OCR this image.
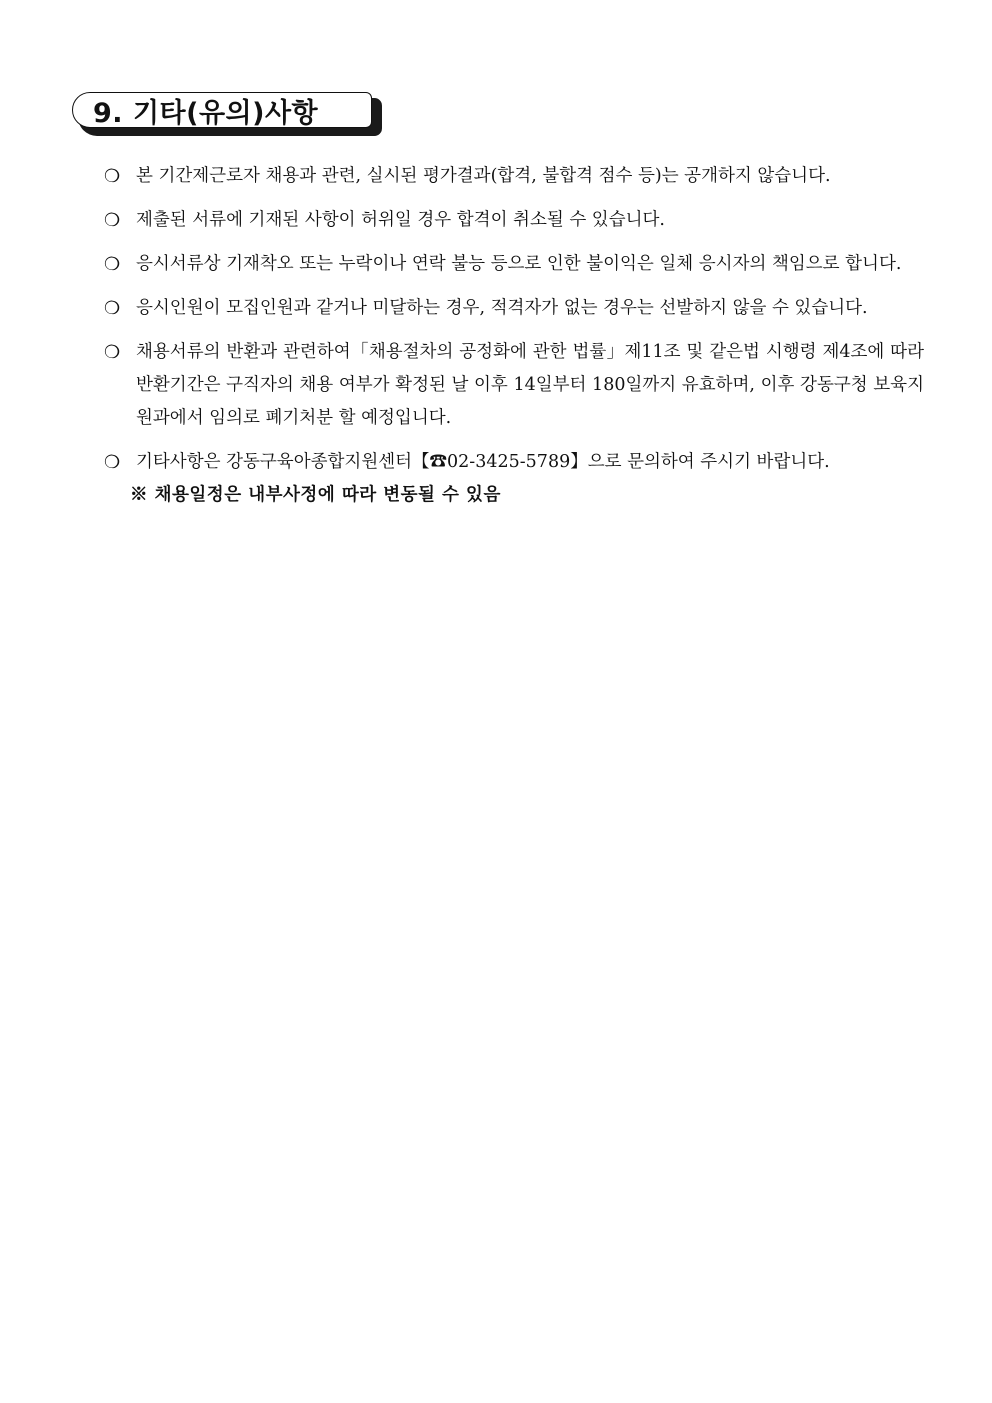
9. 기타(유의)사항
❍ 본 기간제근로자 채용과 관련, 실시된 평가결과(합격, 불합격 점수 등)는 공개하지 않습니다.
❍ 제출된 서류에 기재된 사항이 허위일 경우 합격이 취소될 수 있습니다.
❍ 응시서류상 기재착오 또는 누락이나 연락 불능 등으로 인한 불이익은 일체 응시자의 책임으로 합니다.
❍ 응시인원이 모집인원과 같거나 미달하는 경우, 적격자가 없는 경우는 선발하지 않을 수 있습니다.
❍ 채용서류의 반환과 관련하여「채용절차의 공정화에 관한 법률」제11조 및 같은법 시행령 제4조에 따라 반환기간은 구직자의 채용 여부가 확정된 날 이후 14일부터 180일까지 유효하며, 이후 강동구청 보육지원과에서 임의로 폐기처분 할 예정입니다.
❍ 기타사항은 강동구육아종합지원센터【☎02-3425-5789】으로 문의하여 주시기 바랍니다.
※ 채용일정은 내부사정에 따라 변동될 수 있음
